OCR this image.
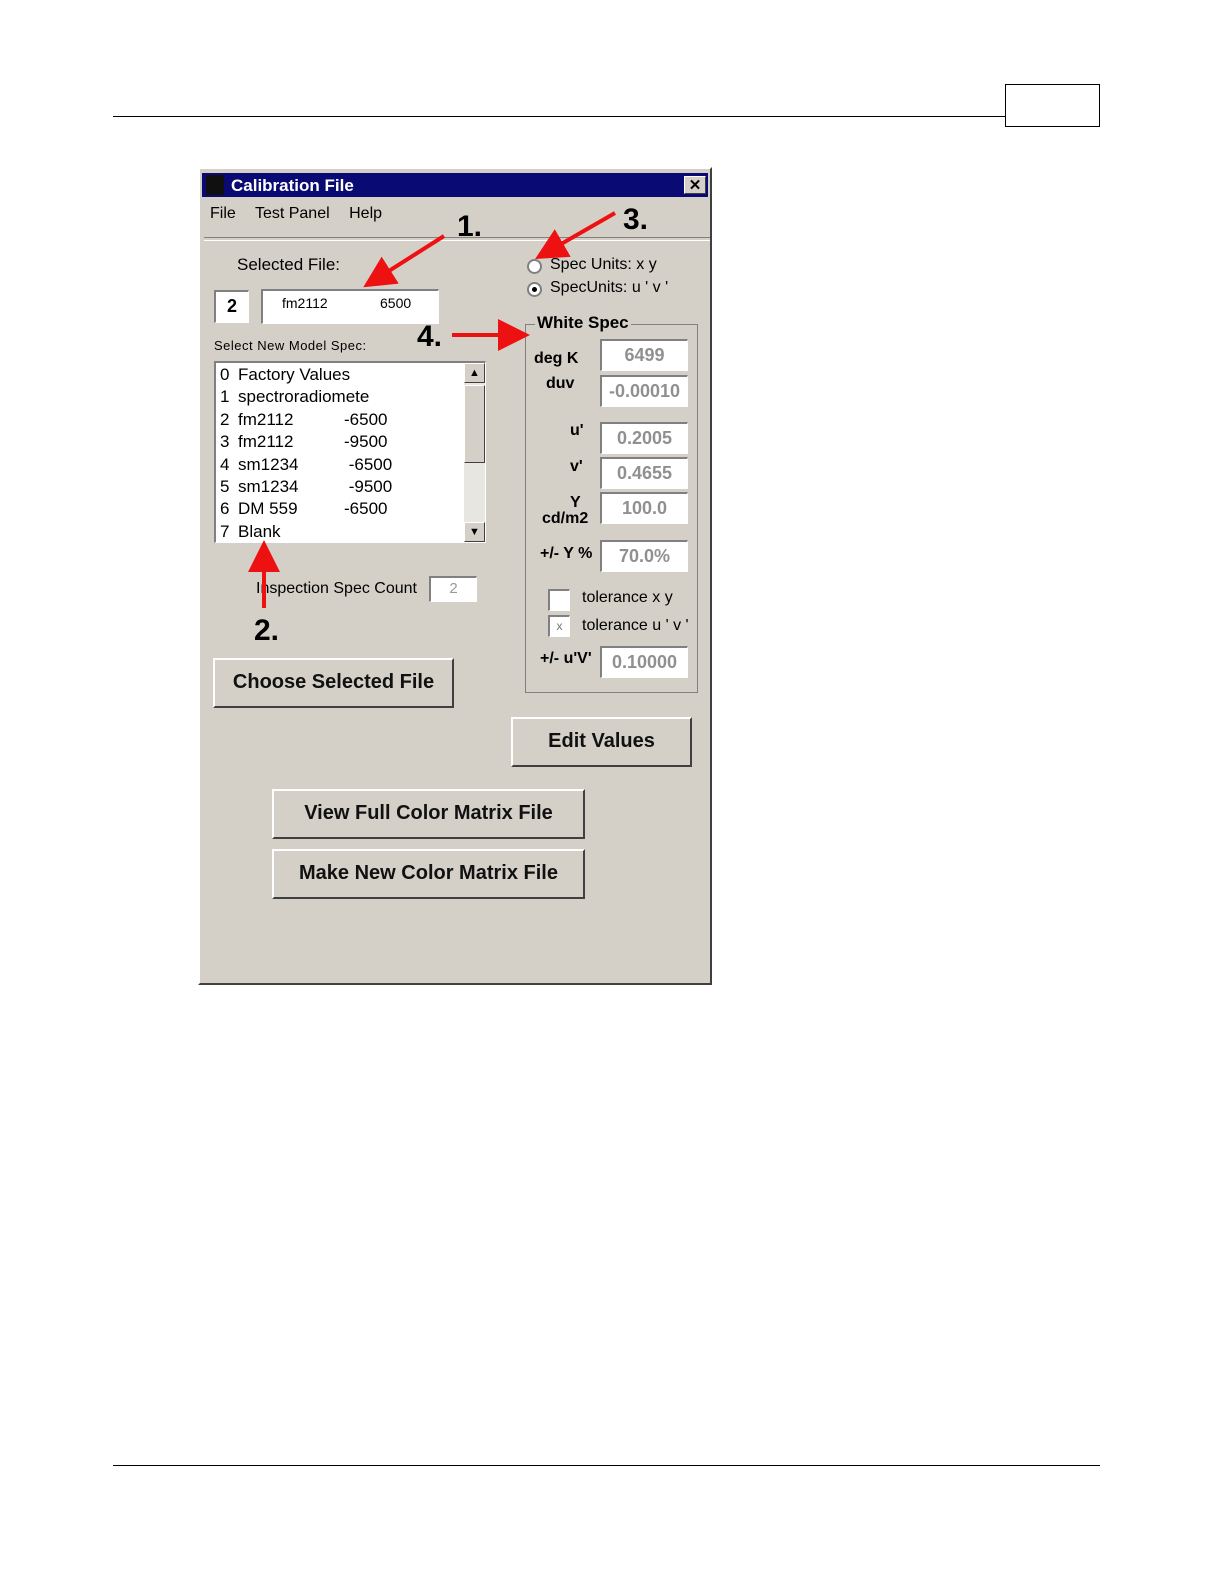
Calibration File	✕
File Test Panel Help
Selected File:
2	fm2112	6500
Select New Model Spec:
0 Factory Values
1 spectroradiomete
2 fm2112	-6500
3 fm2112	-9500
4 sm1234	-6500
5 sm1234	-9500
6 DM 559	-6500
7 Blank
▲
▼
Inspection Spec Count	2
Choose Selected File
Edit Values
View Full Color Matrix File
Make New Color Matrix File
Spec Units: x y
SpecUnits: u ' v '
White Spec
deg K	6499
duv	-0.00010
u'	0.2005
v'	0.4655
Y
cd/m2
100.0
+/- Y %	70.0%
tolerance x y
x	tolerance u ' v '
+/- u'V'	0.10000
1.
2.
3.
4.
